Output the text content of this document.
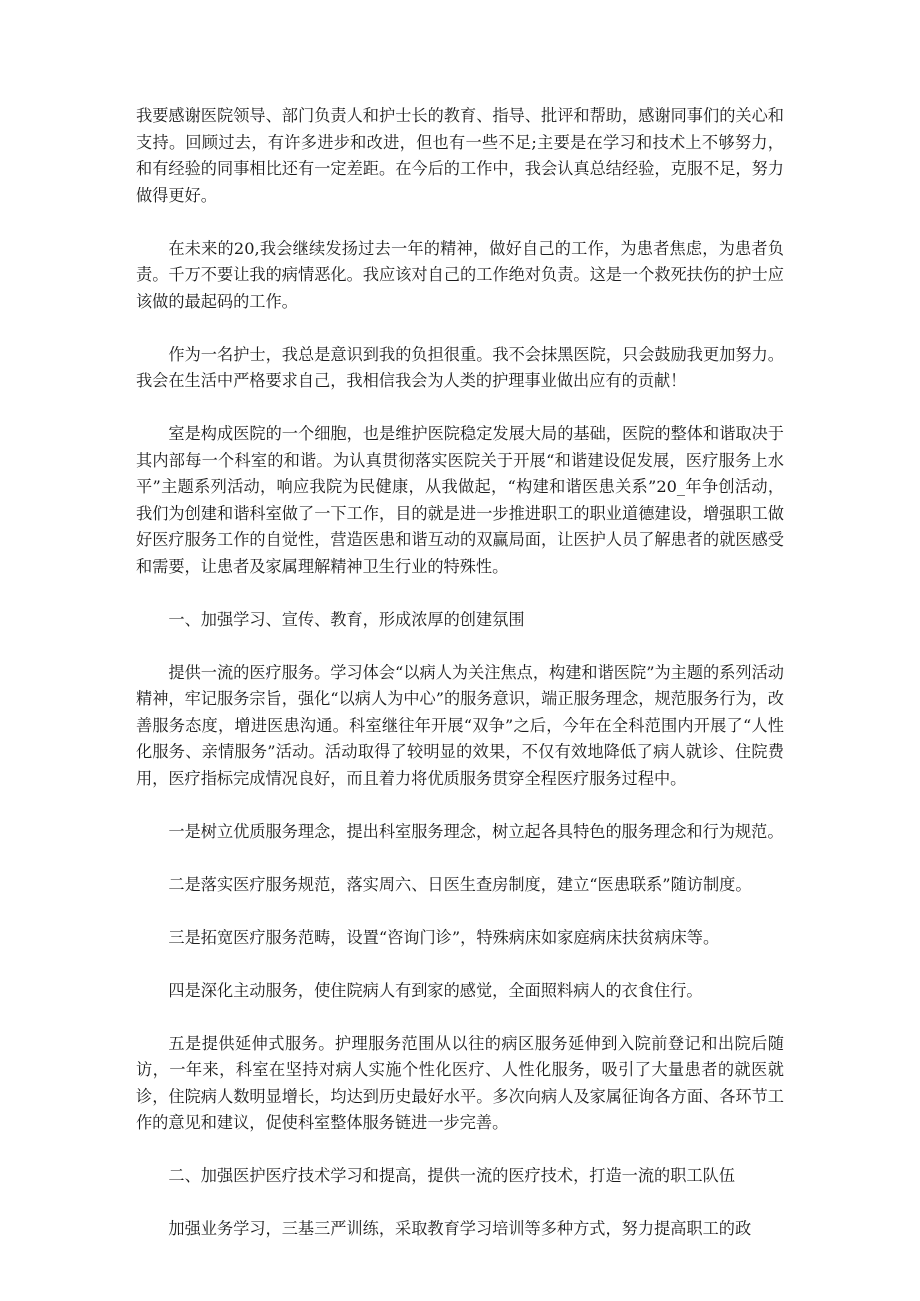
我要感谢医院领导、部门负责人和护士长的教育、指导、批评和帮助，感谢同事们的关心和支持。回顾过去，有许多进步和改进，但也有一些不足;主要是在学习和技术上不够努力，和有经验的同事相比还有一定差距。在今后的工作中，我会认真总结经验，克服不足，努力做得更好。

在未来的20,我会继续发扬过去一年的精神，做好自己的工作，为患者焦虑，为患者负责。千万不要让我的病情恶化。我应该对自己的工作绝对负责。这是一个救死扶伤的护士应该做的最起码的工作。

作为一名护士，我总是意识到我的负担很重。我不会抹黑医院，只会鼓励我更加努力。我会在生活中严格要求自己，我相信我会为人类的护理事业做出应有的贡献！

室是构成医院的一个细胞，也是维护医院稳定发展大局的基础，医院的整体和谐取决于其内部每一个科室的和谐。为认真贯彻落实医院关于开展“和谐建设促发展，医疗服务上水平”主题系列活动，响应我院为民健康，从我做起，“构建和谐医患关系”20_年争创活动，我们为创建和谐科室做了一下工作，目的就是进一步推进职工的职业道德建设，增强职工做好医疗服务工作的自觉性，营造医患和谐互动的双赢局面，让医护人员了解患者的就医感受和需要，让患者及家属理解精神卫生行业的特殊性。

一、加强学习、宣传、教育，形成浓厚的创建氛围

提供一流的医疗服务。学习体会“以病人为关注焦点，构建和谐医院”为主题的系列活动精神，牢记服务宗旨，强化“以病人为中心”的服务意识，端正服务理念，规范服务行为，改善服务态度，增进医患沟通。科室继往年开展“双争”之后，今年在全科范围内开展了“人性化服务、亲情服务”活动。活动取得了较明显的效果，不仅有效地降低了病人就诊、住院费用，医疗指标完成情况良好，而且着力将优质服务贯穿全程医疗服务过程中。

一是树立优质服务理念，提出科室服务理念，树立起各具特色的服务理念和行为规范。

二是落实医疗服务规范，落实周六、日医生查房制度，建立“医患联系”随访制度。

三是拓宽医疗服务范畴，设置“咨询门诊”，特殊病床如家庭病床扶贫病床等。

四是深化主动服务，使住院病人有到家的感觉，全面照料病人的衣食住行。

五是提供延伸式服务。护理服务范围从以往的病区服务延伸到入院前登记和出院后随访，一年来，科室在坚持对病人实施个性化医疗、人性化服务，吸引了大量患者的就医就诊，住院病人数明显增长，均达到历史最好水平。多次向病人及家属征询各方面、各环节工作的意见和建议，促使科室整体服务链进一步完善。

二、加强医护医疗技术学习和提高，提供一流的医疗技术，打造一流的职工队伍

加强业务学习，三基三严训练，采取教育学习培训等多种方式，努力提高职工的政
